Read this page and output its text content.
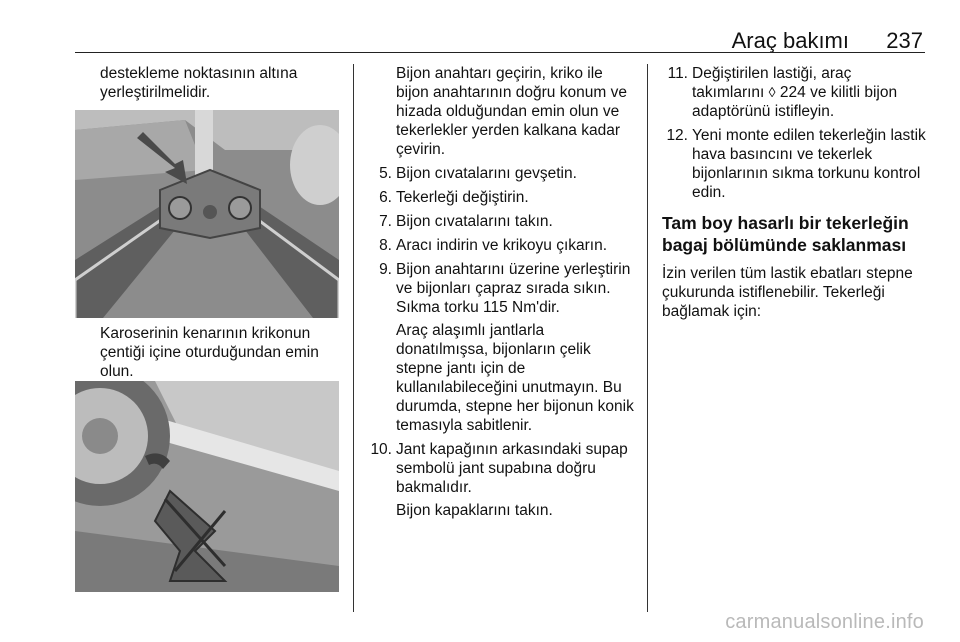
Araç bakımı 237

destekleme noktasının altına yerleştirilmelidir.

Karoserinin kenarının krikonun çentiği içine oturduğundan emin olun.

Bijon anahtarı geçirin, kriko ile bijon anahtarının doğru konum ve hizada olduğundan emin olun ve tekerlekler yerden kalkana kadar çevirin.

5. Bijon cıvatalarını gevşetin.
6. Tekerleği değiştirin.
7. Bijon cıvatalarını takın.
8. Aracı indirin ve krikoyu çıkarın.
9. Bijon anahtarını üzerine yerleştirin ve bijonları çapraz sırada sıkın. Sıkma torku 115 Nm'dir.

Araç alaşımlı jantlarla donatılmışsa, bijonların çelik stepne jantı için de kullanılabileceğini unutmayın. Bu durumda, stepne her bijonun konik temasıyla sabitlenir.

10. Jant kapağının arkasındaki supap sembolü jant supabına doğru bakmalıdır.

Bijon kapaklarını takın.

11. Değiştirilen lastiği, araç takımlarını ◊ 224 ve kilitli bijon adaptörünü istifleyin.
12. Yeni monte edilen tekerleğin lastik hava basıncını ve tekerlek bijonlarının sıkma torkunu kontrol edin.

Tam boy hasarlı bir tekerleğin bagaj bölümünde saklanması

İzin verilen tüm lastik ebatları stepne çukurunda istiflenebilir. Tekerleği bağlamak için:

carmanualsonline.info
